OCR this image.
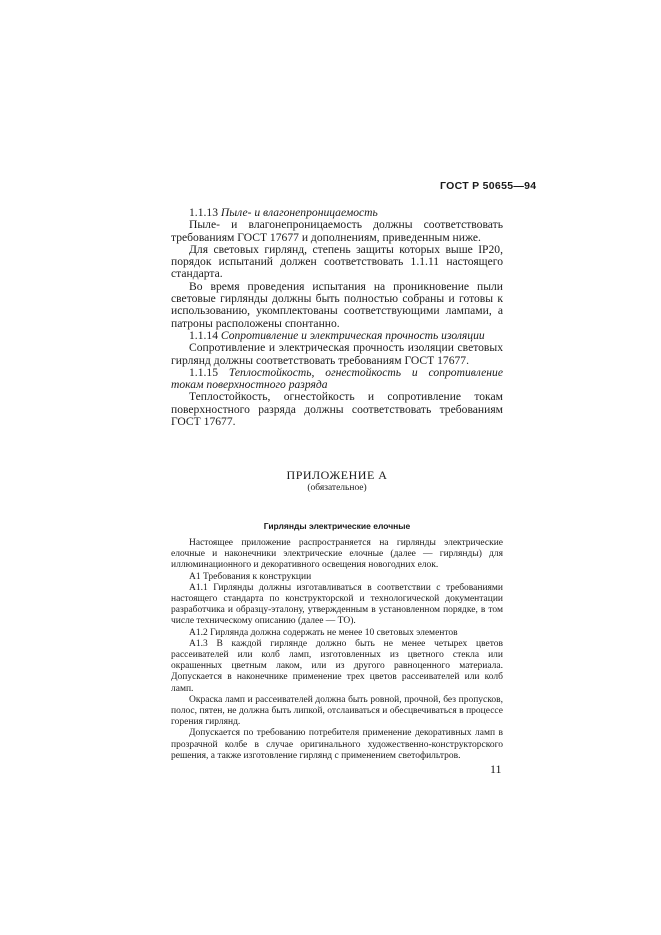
ГОСТ Р 50655—94

1.1.13 Пыле- и влагонепроницаемость

Пыле- и влагонепроницаемость должны соответствовать требованиям ГОСТ 17677 и дополнениям, приведенным ниже.

Для световых гирлянд, степень защиты которых выше IP20, порядок испытаний должен соответствовать 1.1.11 настоящего стандарта.

Во время проведения испытания на проникновение пыли световые гирлянды должны быть полностью собраны и готовы к использованию, укомплектованы соответствующими лампами, а патроны расположены спонтанно.

1.1.14 Сопротивление и электрическая прочность изоляции

Сопротивление и электрическая прочность изоляции световых гирлянд должны соответствовать требованиям ГОСТ 17677.

1.1.15 Теплостойкость, огнестойкость и сопротивление токам поверхностного разряда

Теплостойкость, огнестойкость и сопротивление токам поверхностного разряда должны соответствовать требованиям ГОСТ 17677.

ПРИЛОЖЕНИЕ А
(обязательное)
Гирлянды электрические елочные

Настоящее приложение распространяется на гирлянды электрические елочные и наконечники электрические елочные (далее — гирлянды) для иллюминационного и декоративного освещения новогодних елок.

А1 Требования к конструкции

А1.1 Гирлянды должны изготавливаться в соответствии с требованиями настоящего стандарта по конструкторской и технологической документации разработчика и образцу-эталону, утвержденным в установленном порядке, в том числе техническому описанию (далее — ТО).

А1.2 Гирлянда должна содержать не менее 10 световых элементов

А1.3 В каждой гирлянде должно быть не менее четырех цветов рассеивателей или колб ламп, изготовленных из цветного стекла или окрашенных цветным лаком, или из другого равноценного материала. Допускается в наконечнике применение трех цветов рассеивателей или колб ламп.

Окраска ламп и рассеивателей должна быть ровной, прочной, без пропусков, полос, пятен, не должна быть липкой, отслаиваться и обесцвечиваться в процессе горения гирлянд.

Допускается по требованию потребителя применение декоративных ламп в прозрачной колбе в случае оригинального художественно-конструкторского решения, а также изготовление гирлянд с применением светофильтров.

11
